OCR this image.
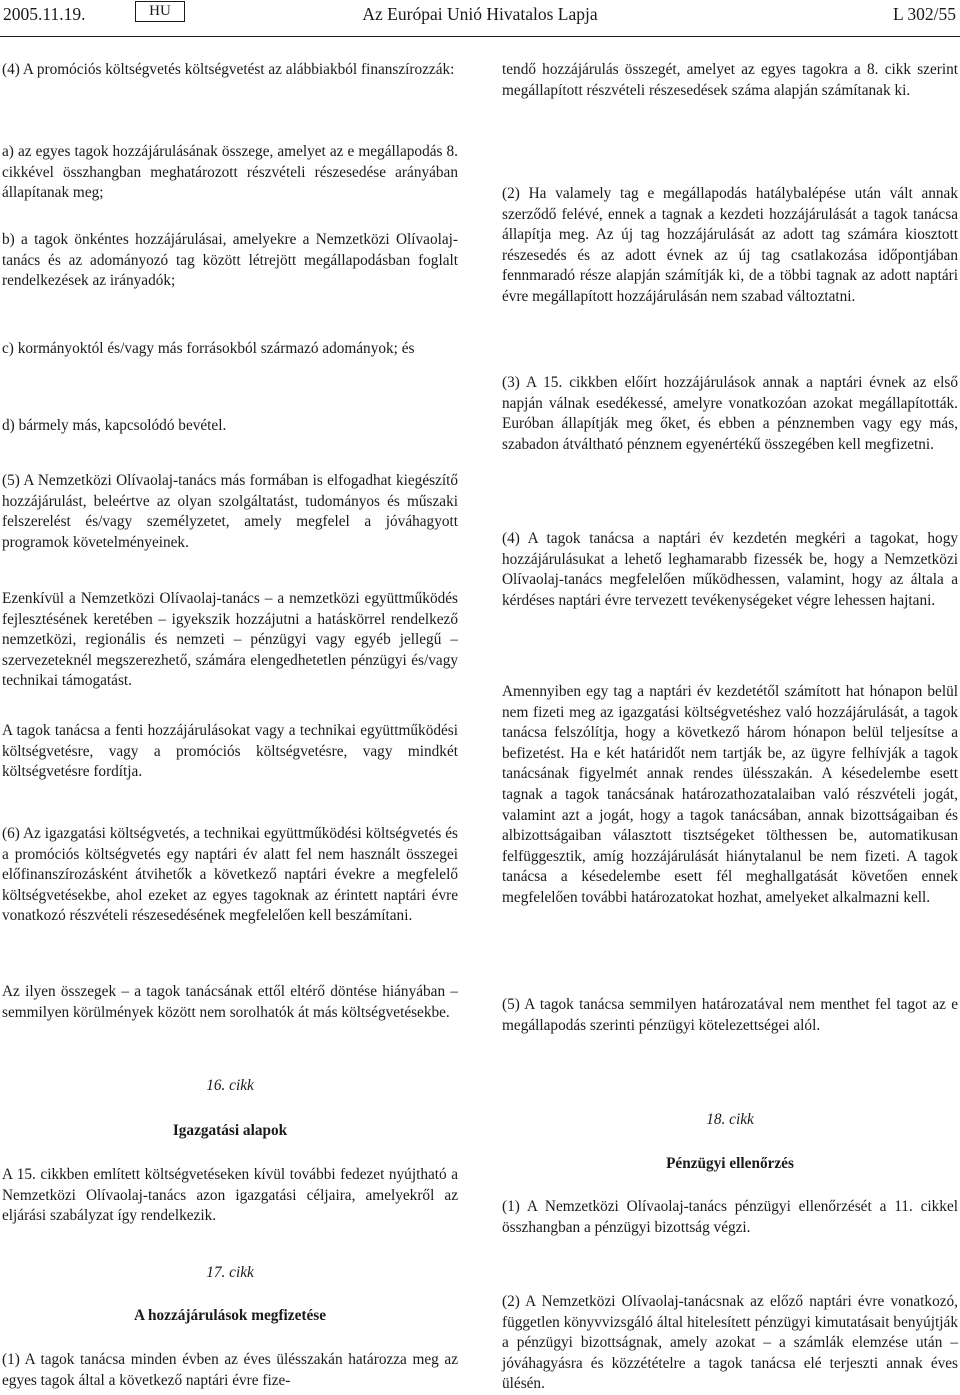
2005.11.19.	HU	Az Európai Unió Hivatalos Lapja	L 302/55

(4) A promóciós költségvetés költségvetést az alábbiakból finanszírozzák:

a) az egyes tagok hozzájárulásának összege, amelyet az e megállapodás 8. cikkével összhangban meghatározott részvételi részesedése arányában állapítanak meg;

b) a tagok önkéntes hozzájárulásai, amelyekre a Nemzetközi Olívaolaj-tanács és az adományozó tag között létrejött megállapodásban foglalt rendelkezések az irányadók;

c) kormányoktól és/vagy más forrásokból származó adományok; és

d) bármely más, kapcsolódó bevétel.

(5) A Nemzetközi Olívaolaj-tanács más formában is elfogadhat kiegészítő hozzájárulást, beleértve az olyan szolgáltatást, tudományos és műszaki felszerelést és/vagy személyzetet, amely megfelel a jóváhagyott programok követelményeinek.

Ezenkívül a Nemzetközi Olívaolaj-tanács – a nemzetközi együttműködés fejlesztésének keretében – igyekszik hozzájutni a hatáskörrel rendelkező nemzetközi, regionális és nemzeti – pénzügyi vagy egyéb jellegű – szervezeteknél megszerezhető, számára elengedhetetlen pénzügyi és/vagy technikai támogatást.

A tagok tanácsa a fenti hozzájárulásokat vagy a technikai együttműködési költségvetésre, vagy a promóciós költségvetésre, vagy mindkét költségvetésre fordítja.

(6) Az igazgatási költségvetés, a technikai együttműködési költségvetés és a promóciós költségvetés egy naptári év alatt fel nem használt összegei előfinanszírozásként átvihetők a következő naptári évekre a megfelelő költségvetésekbe, ahol ezeket az egyes tagoknak az érintett naptári évre vonatkozó részvételi részesedésének megfelelően kell beszámítani.

Az ilyen összegek – a tagok tanácsának ettől eltérő döntése hiányában – semmilyen körülmények között nem sorolhatók át más költségvetésekbe.

16. cikk
Igazgatási alapok

A 15. cikkben említett költségvetéseken kívül további fedezet nyújtható a Nemzetközi Olívaolaj-tanács azon igazgatási céljaira, amelyekről az eljárási szabályzat így rendelkezik.

17. cikk
A hozzájárulások megfizetése

(1) A tagok tanácsa minden évben az éves ülésszakán határozza meg az egyes tagok által a következő naptári évre fize-

tendő hozzájárulás összegét, amelyet az egyes tagokra a 8. cikk szerint megállapított részvételi részesedések száma alapján számítanak ki.

(2) Ha valamely tag e megállapodás hatálybalépése után vált annak szerződő felévé, ennek a tagnak a kezdeti hozzájárulását a tagok tanácsa állapítja meg. Az új tag hozzájárulását az adott tag számára kiosztott részesedés és az adott évnek az új tag csatlakozása időpontjában fennmaradó része alapján számítják ki, de a többi tagnak az adott naptári évre megállapított hozzájárulásán nem szabad változtatni.

(3) A 15. cikkben előírt hozzájárulások annak a naptári évnek az első napján válnak esedékessé, amelyre vonatkozóan azokat megállapították. Euróban állapítják meg őket, és ebben a pénznemben vagy egy más, szabadon átváltható pénznem egyenértékű összegében kell megfizetni.

(4) A tagok tanácsa a naptári év kezdetén megkéri a tagokat, hogy hozzájárulásukat a lehető leghamarabb fizessék be, hogy a Nemzetközi Olívaolaj-tanács megfelelően működhessen, valamint, hogy az általa a kérdéses naptári évre tervezett tevékenységeket végre lehessen hajtani.

Amennyiben egy tag a naptári év kezdetétől számított hat hónapon belül nem fizeti meg az igazgatási költségvetéshez való hozzájárulását, a tagok tanácsa felszólítja, hogy a következő három hónapon belül teljesítse a befizetést. Ha e két határidőt nem tartják be, az ügyre felhívják a tagok tanácsának figyelmét annak rendes ülésszakán. A késedelembe esett tagnak a tagok tanácsának határozathozatalaiban való részvételi jogát, valamint azt a jogát, hogy a tagok tanácsában, annak bizottságaiban és albizottságaiban választott tisztségeket tölthessen be, automatikusan felfüggesztik, amíg hozzájárulását hiánytalanul be nem fizeti. A tagok tanácsa a késedelembe esett fél meghallgatását követően ennek megfelelően további határozatokat hozhat, amelyeket alkalmazni kell.

(5) A tagok tanácsa semmilyen határozatával nem menthet fel tagot az e megállapodás szerinti pénzügyi kötelezettségei alól.

18. cikk
Pénzügyi ellenőrzés

(1) A Nemzetközi Olívaolaj-tanács pénzügyi ellenőrzését a 11. cikkel összhangban a pénzügyi bizottság végzi.

(2) A Nemzetközi Olívaolaj-tanácsnak az előző naptári évre vonatkozó, független könyvvizsgáló által hitelesített pénzügyi kimutatásait benyújtják a pénzügyi bizottságnak, amely azokat – a számlák elemzése után – jóváhagyásra és közzétételre a tagok tanácsa elé terjeszti annak éves ülésén.
